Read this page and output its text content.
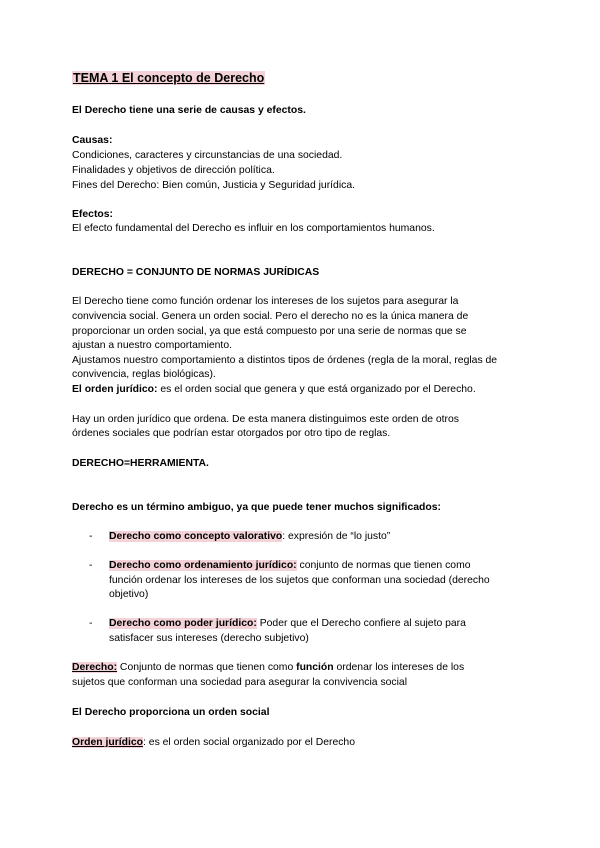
TEMA 1 El concepto de Derecho
El Derecho tiene una serie de causas y efectos.
Causas:
Condiciones, caracteres y circunstancias de una sociedad.
Finalidades y objetivos de dirección política.
Fines del Derecho: Bien común, Justicia y Seguridad jurídica.
Efectos:
El efecto fundamental del Derecho es influir en los comportamientos humanos.
DERECHO = CONJUNTO DE NORMAS JURÍDICAS
El Derecho tiene como función ordenar los intereses de los sujetos para asegurar la
convivencia social. Genera un orden social. Pero el derecho no es la única manera de
proporcionar un orden social, ya que está compuesto por una serie de normas que se
ajustan a nuestro comportamiento.
Ajustamos nuestro comportamiento a distintos tipos de órdenes (regla de la moral, reglas de
convivencia, reglas biológicas).
El orden jurídico: es el orden social que genera y que está organizado por el Derecho.
Hay un orden jurídico que ordena. De esta manera distinguimos este orden de otros
órdenes sociales que podrían estar otorgados por otro tipo de reglas.
DERECHO=HERRAMIENTA.
Derecho es un término ambiguo, ya que puede tener muchos significados:
- Derecho como concepto valorativo: expresión de “lo justo”
- Derecho como ordenamiento jurídico: conjunto de normas que tienen como
función ordenar los intereses de los sujetos que conforman una sociedad (derecho
objetivo)
- Derecho como poder jurídico: Poder que el Derecho confiere al sujeto para
satisfacer sus intereses (derecho subjetivo)
Derecho: Conjunto de normas que tienen como función ordenar los intereses de los
sujetos que conforman una sociedad para asegurar la convivencia social
El Derecho proporciona un orden social
Orden jurídico: es el orden social organizado por el Derecho
